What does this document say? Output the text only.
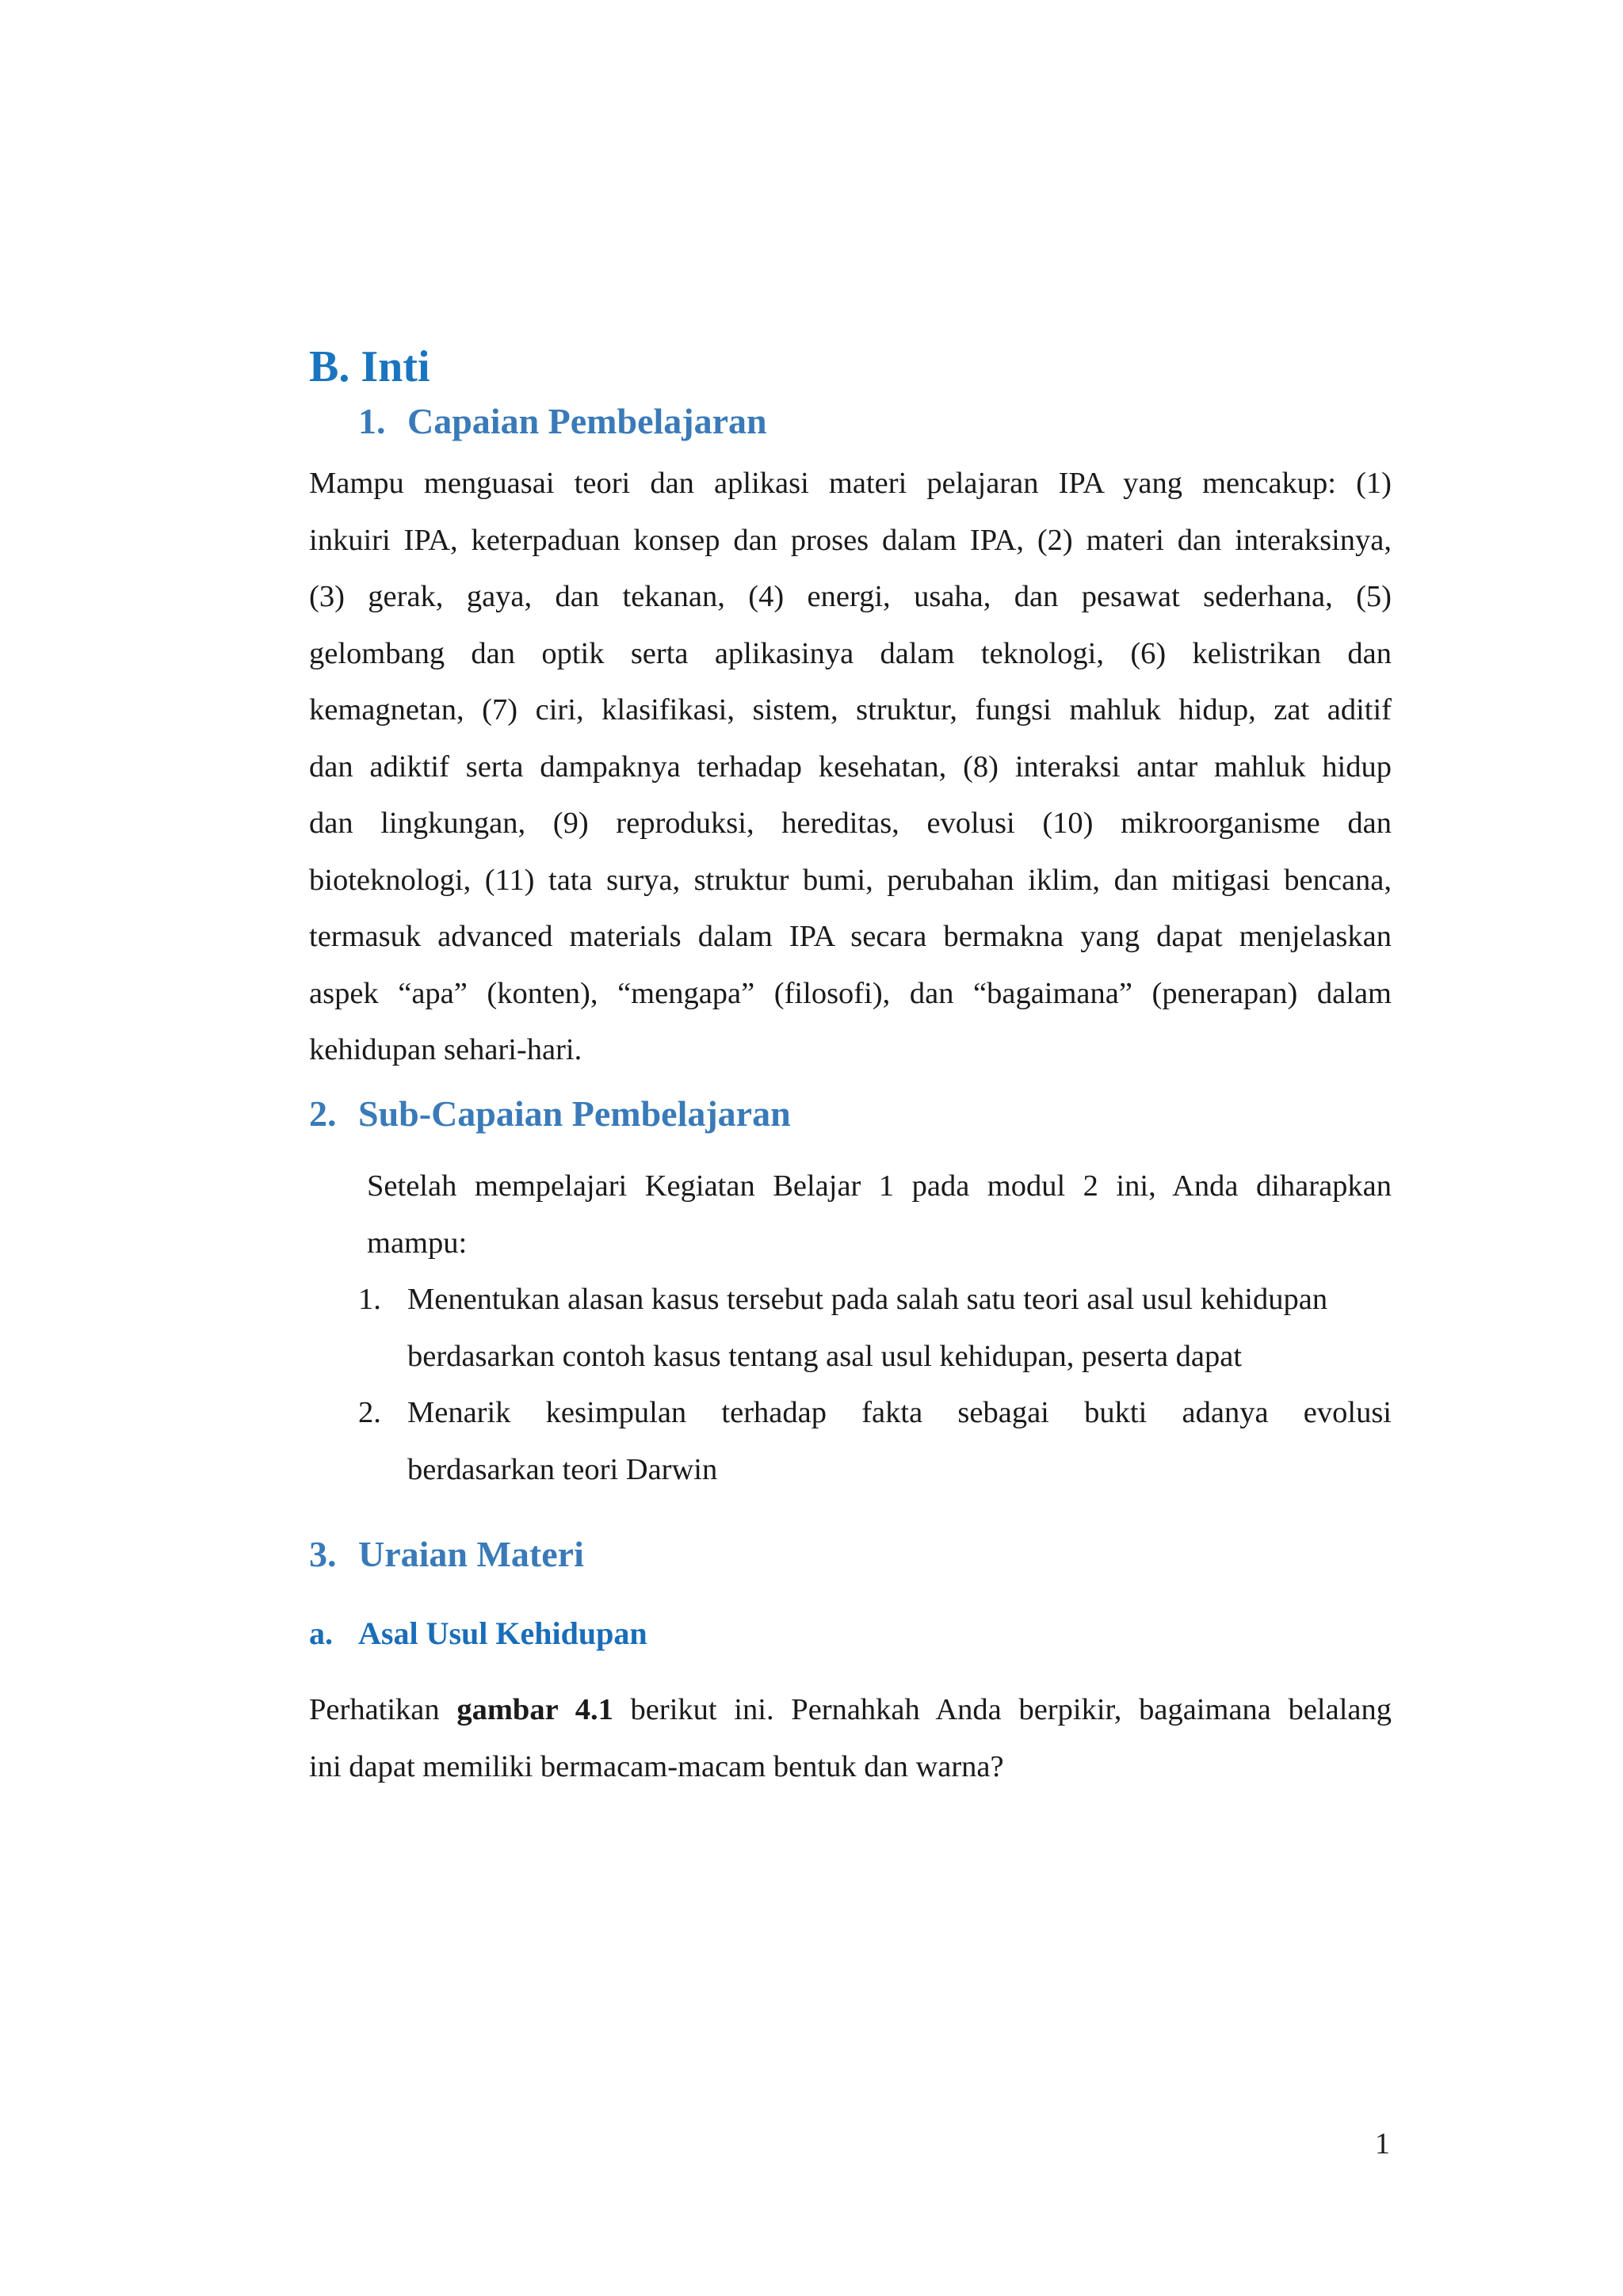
B. Inti
1. Capaian Pembelajaran
Mampu menguasai teori dan aplikasi materi pelajaran IPA yang mencakup: (1)
inkuiri IPA, keterpaduan konsep dan proses dalam IPA, (2) materi dan interaksinya,
(3) gerak, gaya, dan tekanan, (4) energi, usaha, dan pesawat sederhana, (5)
gelombang dan optik serta aplikasinya dalam teknologi, (6) kelistrikan dan
kemagnetan, (7) ciri, klasifikasi, sistem, struktur, fungsi mahluk hidup, zat aditif
dan adiktif serta dampaknya terhadap kesehatan, (8) interaksi antar mahluk hidup
dan lingkungan, (9) reproduksi, hereditas, evolusi (10) mikroorganisme dan
bioteknologi, (11) tata surya, struktur bumi, perubahan iklim, dan mitigasi bencana,
termasuk advanced materials dalam IPA secara bermakna yang dapat menjelaskan
aspek “apa” (konten), “mengapa” (filosofi), dan “bagaimana” (penerapan) dalam
kehidupan sehari-hari.
2. Sub-Capaian Pembelajaran
Setelah mempelajari Kegiatan Belajar 1 pada modul 2 ini, Anda diharapkan
mampu:
1. Menentukan alasan kasus tersebut pada salah satu teori asal usul kehidupan
berdasarkan contoh kasus tentang asal usul kehidupan, peserta dapat
2. Menarik kesimpulan terhadap fakta sebagai bukti adanya evolusi
berdasarkan teori Darwin
3. Uraian Materi
a. Asal Usul Kehidupan
Perhatikan gambar 4.1 berikut ini. Pernahkah Anda berpikir, bagaimana belalang
ini dapat memiliki bermacam-macam bentuk dan warna?
1
